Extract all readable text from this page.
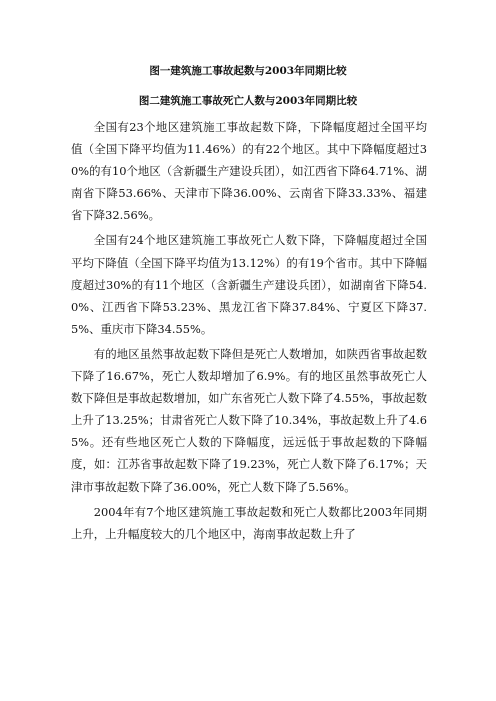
图一建筑施工事故起数与2003年同期比较
图二建筑施工事故死亡人数与2003年同期比较

全国有23个地区建筑施工事故起数下降，下降幅度超过全国平均值（全国下降平均值为11.46%）的有22个地区。其中下降幅度超过30%的有10个地区（含新疆生产建设兵团），如江西省下降64.71%、湖南省下降53.66%、天津市下降36.00%、云南省下降33.33%、福建省下降32.56%。

全国有24个地区建筑施工事故死亡人数下降，下降幅度超过全国平均下降值（全国下降平均值为13.12%）的有19个省市。其中下降幅度超过30%的有11个地区（含新疆生产建设兵团），如湖南省下降54.0%、江西省下降53.23%、黑龙江省下降37.84%、宁夏区下降37.5%、重庆市下降34.55%。

有的地区虽然事故起数下降但是死亡人数增加，如陕西省事故起数下降了16.67%，死亡人数却增加了6.9%。有的地区虽然事故死亡人数下降但是事故起数增加，如广东省死亡人数下降了4.55%，事故起数上升了13.25%；甘肃省死亡人数下降了10.34%，事故起数上升了4.65%。还有些地区死亡人数的下降幅度，远远低于事故起数的下降幅度，如：江苏省事故起数下降了19.23%，死亡人数下降了6.17%；天津市事故起数下降了36.00%，死亡人数下降了5.56%。

2004年有7个地区建筑施工事故起数和死亡人数都比2003年同期上升，上升幅度较大的几个地区中，海南事故起数上升了
